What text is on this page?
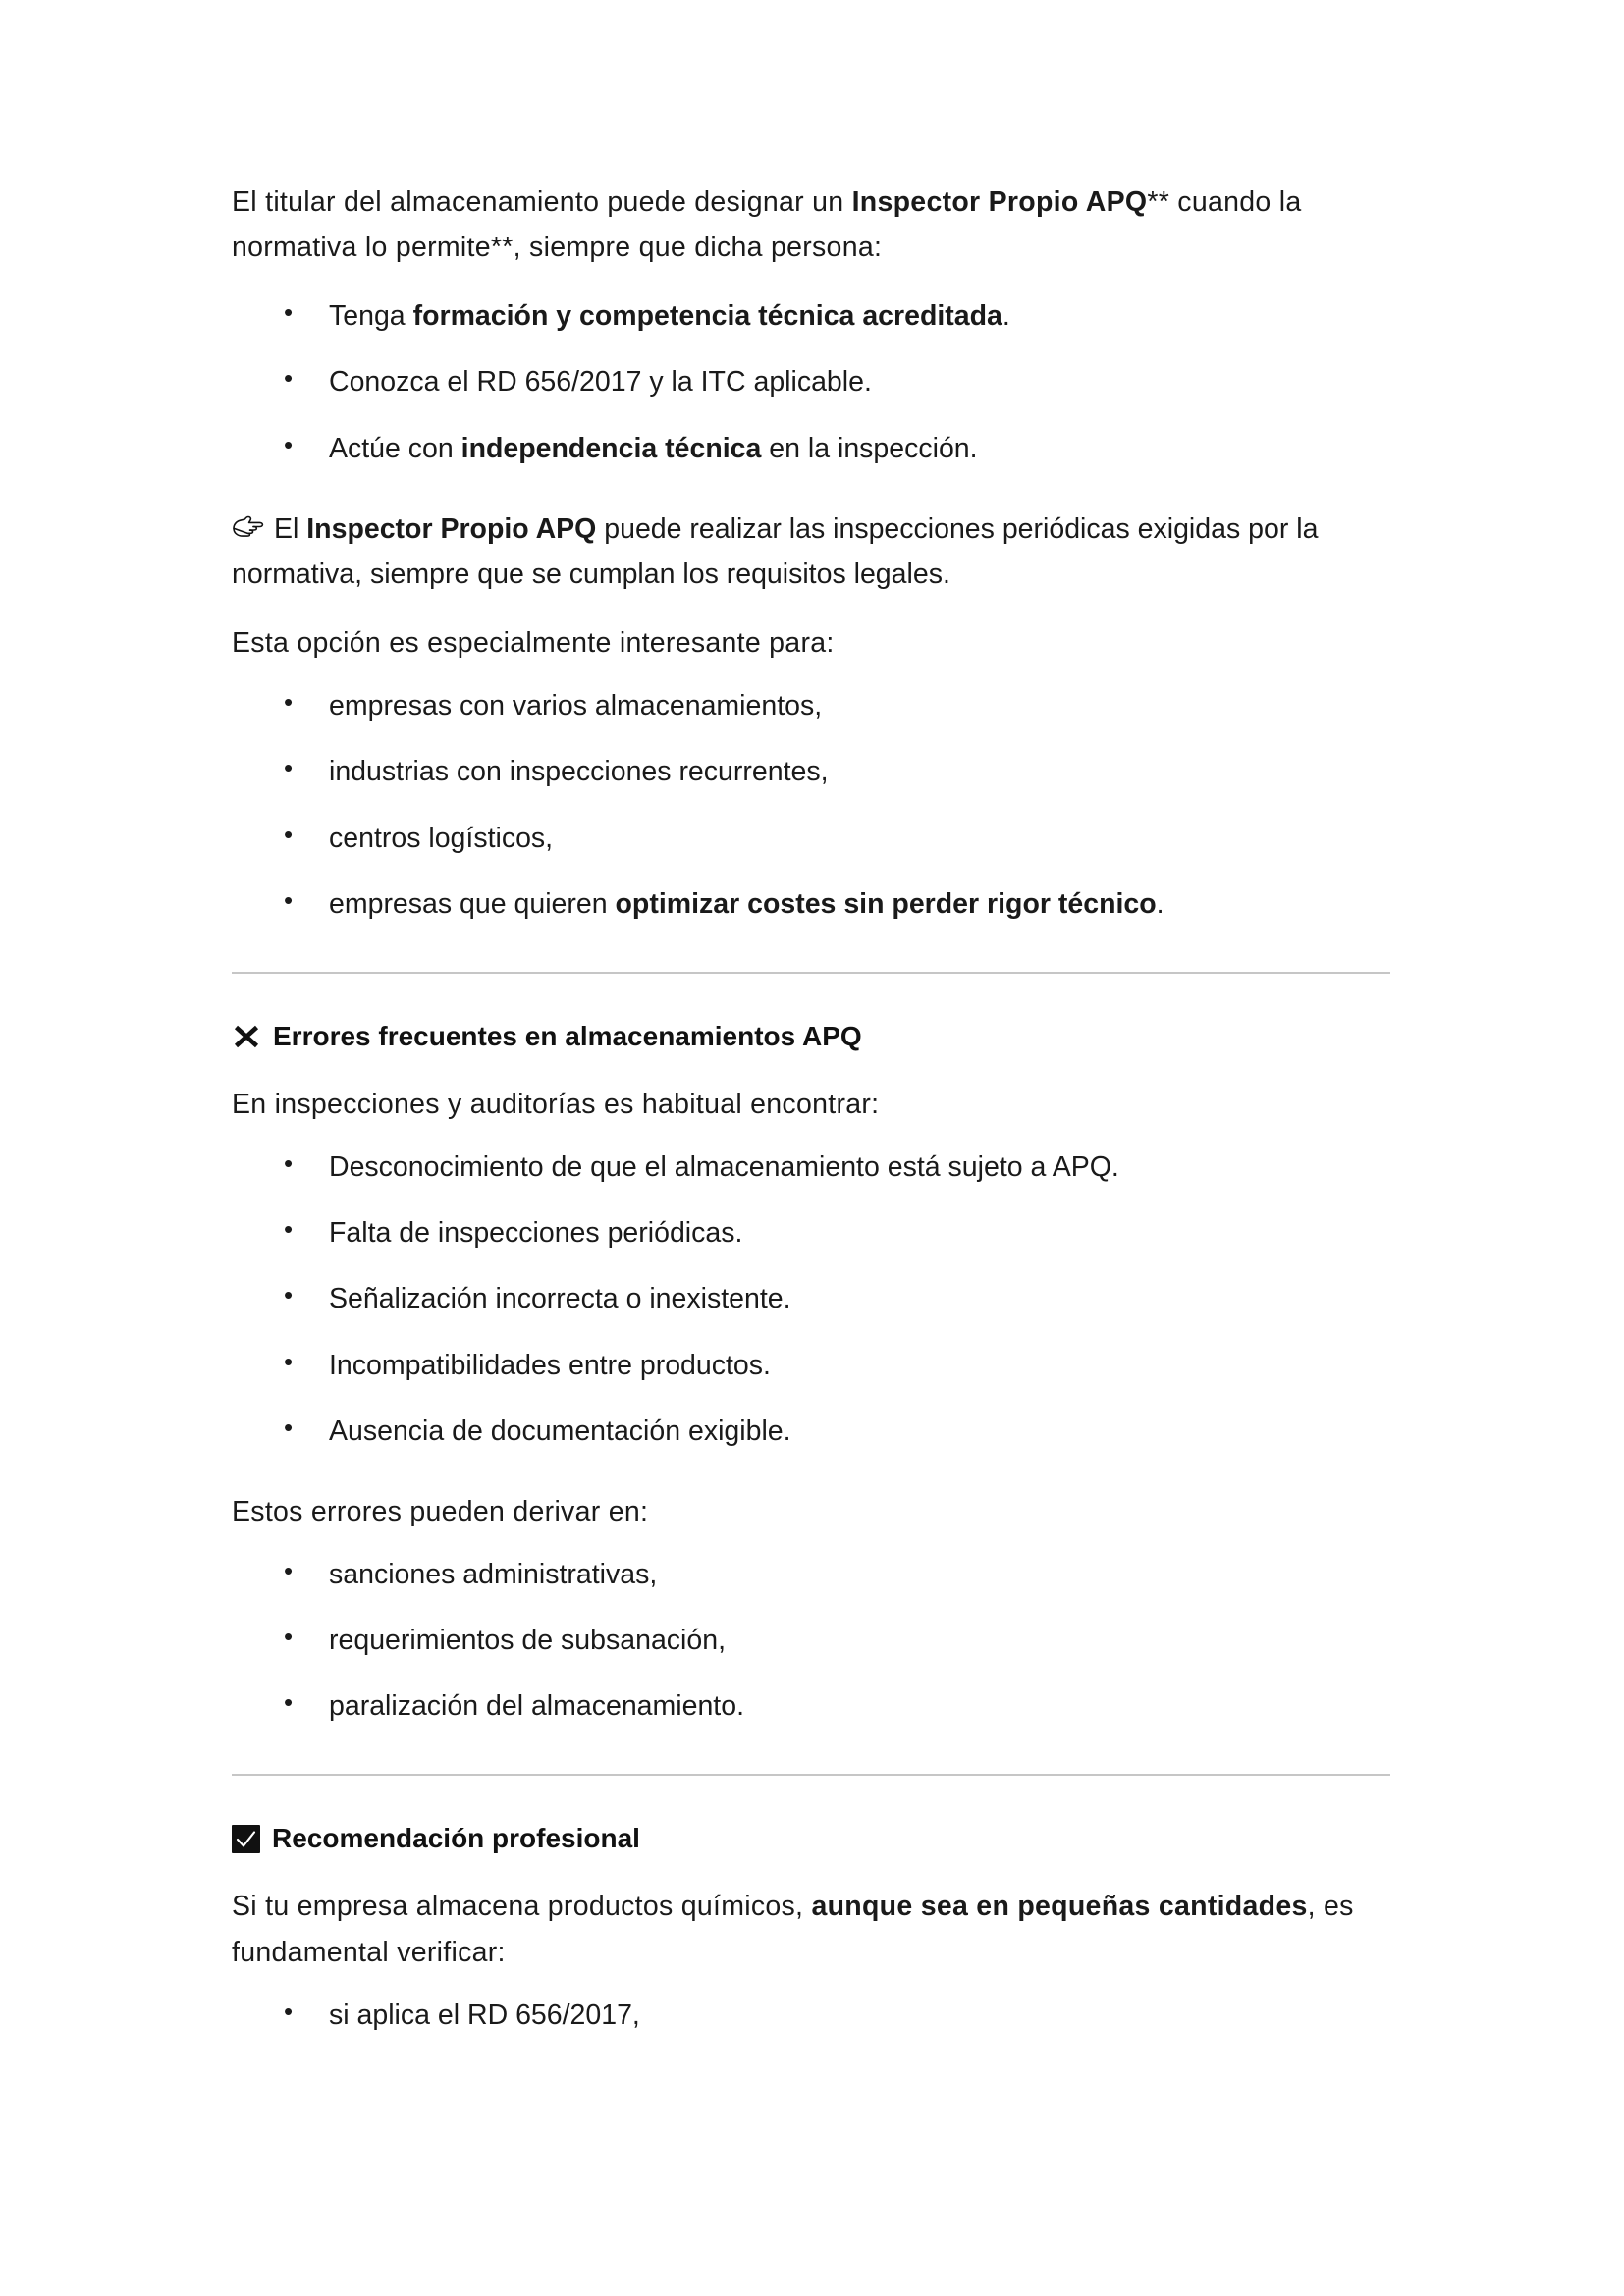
El titular del almacenamiento puede designar un Inspector Propio APQ** cuando la normativa lo permite**, siempre que dicha persona:

• Tenga formación y competencia técnica acreditada.
• Conozca el RD 656/2017 y la ITC aplicable.
• Actúe con independencia técnica en la inspección.

El Inspector Propio APQ puede realizar las inspecciones periódicas exigidas por la normativa, siempre que se cumplan los requisitos legales.

Esta opción es especialmente interesante para:

• empresas con varios almacenamientos,
• industrias con inspecciones recurrentes,
• centros logísticos,
• empresas que quieren optimizar costes sin perder rigor técnico.
Errores frecuentes en almacenamientos APQ

En inspecciones y auditorías es habitual encontrar:

• Desconocimiento de que el almacenamiento está sujeto a APQ.
• Falta de inspecciones periódicas.
• Señalización incorrecta o inexistente.
• Incompatibilidades entre productos.
• Ausencia de documentación exigible.

Estos errores pueden derivar en:

• sanciones administrativas,
• requerimientos de subsanación,
• paralización del almacenamiento.
Recomendación profesional

Si tu empresa almacena productos químicos, aunque sea en pequeñas cantidades, es fundamental verificar:

• si aplica el RD 656/2017,
